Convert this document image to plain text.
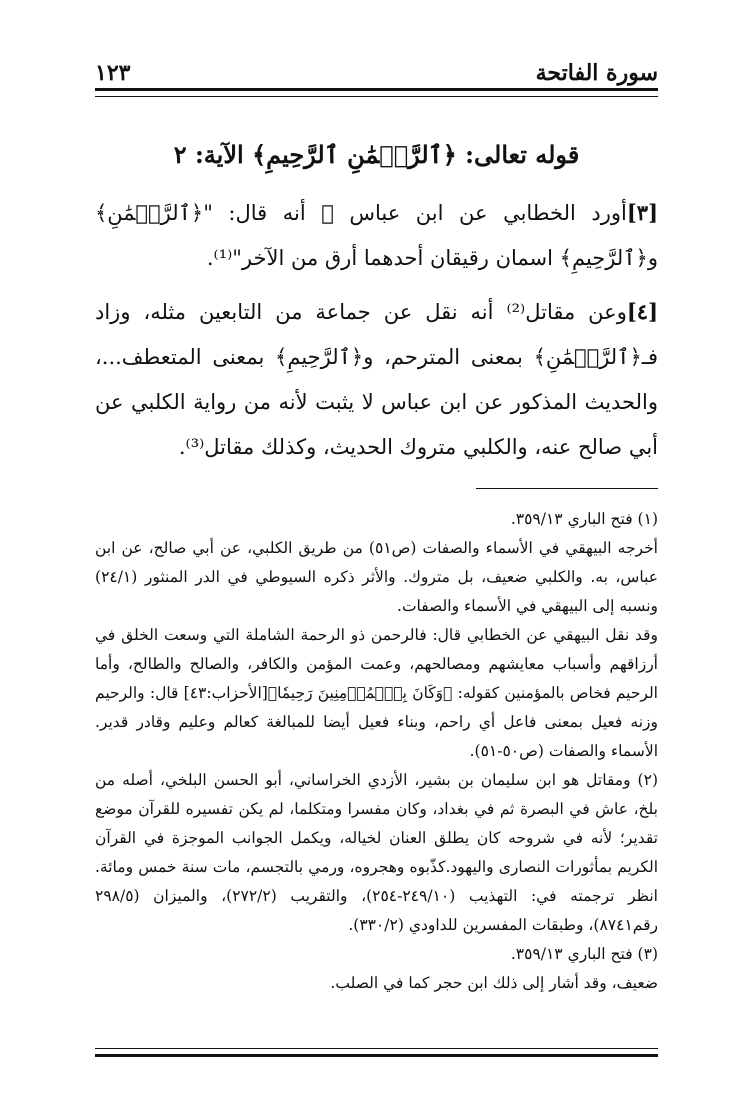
سورة الفاتحة
١٢٣
قوله تعالى: ﴿ٱلرَّحۡمَٰنِ ٱلرَّحِيمِ﴾ الآية: ٢

[٣]أورد الخطابي عن ابن عباس ﷺ أنه قال: "﴿ٱلرَّحۡمَٰنِ﴾ و﴿ٱلرَّحِيمِ﴾ اسمان رقيقان أحدهما أرق من الآخر"⁽¹⁾.

[٤]وعن مقاتل⁽²⁾ أنه نقل عن جماعة من التابعين مثله، وزاد فـ﴿ٱلرَّحۡمَٰنِ﴾ بمعنى المترحم، و﴿ٱلرَّحِيمِ﴾ بمعنى المتعطف...، والحديث المذكور عن ابن عباس لا يثبت لأنه من رواية الكلبي عن أبي صالح عنه، والكلبي متروك الحديث، وكذلك مقاتل⁽³⁾.

(١) فتح الباري ٣٥٩/١٣.

أخرجه البيهقي في الأسماء والصفات (ص٥١) من طريق الكلبي، عن أبي صالح، عن ابن عباس، به. والكلبي ضعيف، بل متروك. والأثر ذكره السيوطي في الدر المنثور (٢٤/١) ونسبه إلى البيهقي في الأسماء والصفات.

وقد نقل البيهقي عن الخطابي قال: فالرحمن ذو الرحمة الشاملة التي وسعت الخلق في أرزاقهم وأسباب معايشهم ومصالحهم، وعمت المؤمن والكافر، والصالح والطالح، وأما الرحيم فخاص بالمؤمنين كقوله: ﴿وَكَانَ بِٱلۡمُؤۡمِنِينَ رَحِيمٗا﴾[الأحزاب:٤٣] قال: والرحيم وزنه فعيل بمعنى فاعل أي راحم، وبناء فعيل أيضا للمبالغة كعالم وعليم وقادر قدير. الأسماء والصفات (ص٥٠-٥١).

(٢) ومقاتل هو ابن سليمان بن بشير، الأزدي الخراساني، أبو الحسن البلخي، أصله من بلخ، عاش في البصرة ثم في بغداد، وكان مفسرا ومتكلما، لم يكن تفسيره للقرآن موضع تقدير؛ لأنه في شروحه كان يطلق العنان لخياله، ويكمل الجوانب الموجزة في القرآن الكريم بمأثورات النصارى واليهود.كذّبوه وهجروه، ورمي بالتجسم، مات سنة خمس ومائة. انظر ترجمته في: التهذيب (٢٤٩/١٠-٢٥٤)، والتقريب (٢٧٢/٢)، والميزان (٢٩٨/٥ رقم٨٧٤١)، وطبقات المفسرين للداودي (٣٣٠/٢).

(٣) فتح الباري ٣٥٩/١٣.

ضعيف، وقد أشار إلى ذلك ابن حجر كما في الصلب.
